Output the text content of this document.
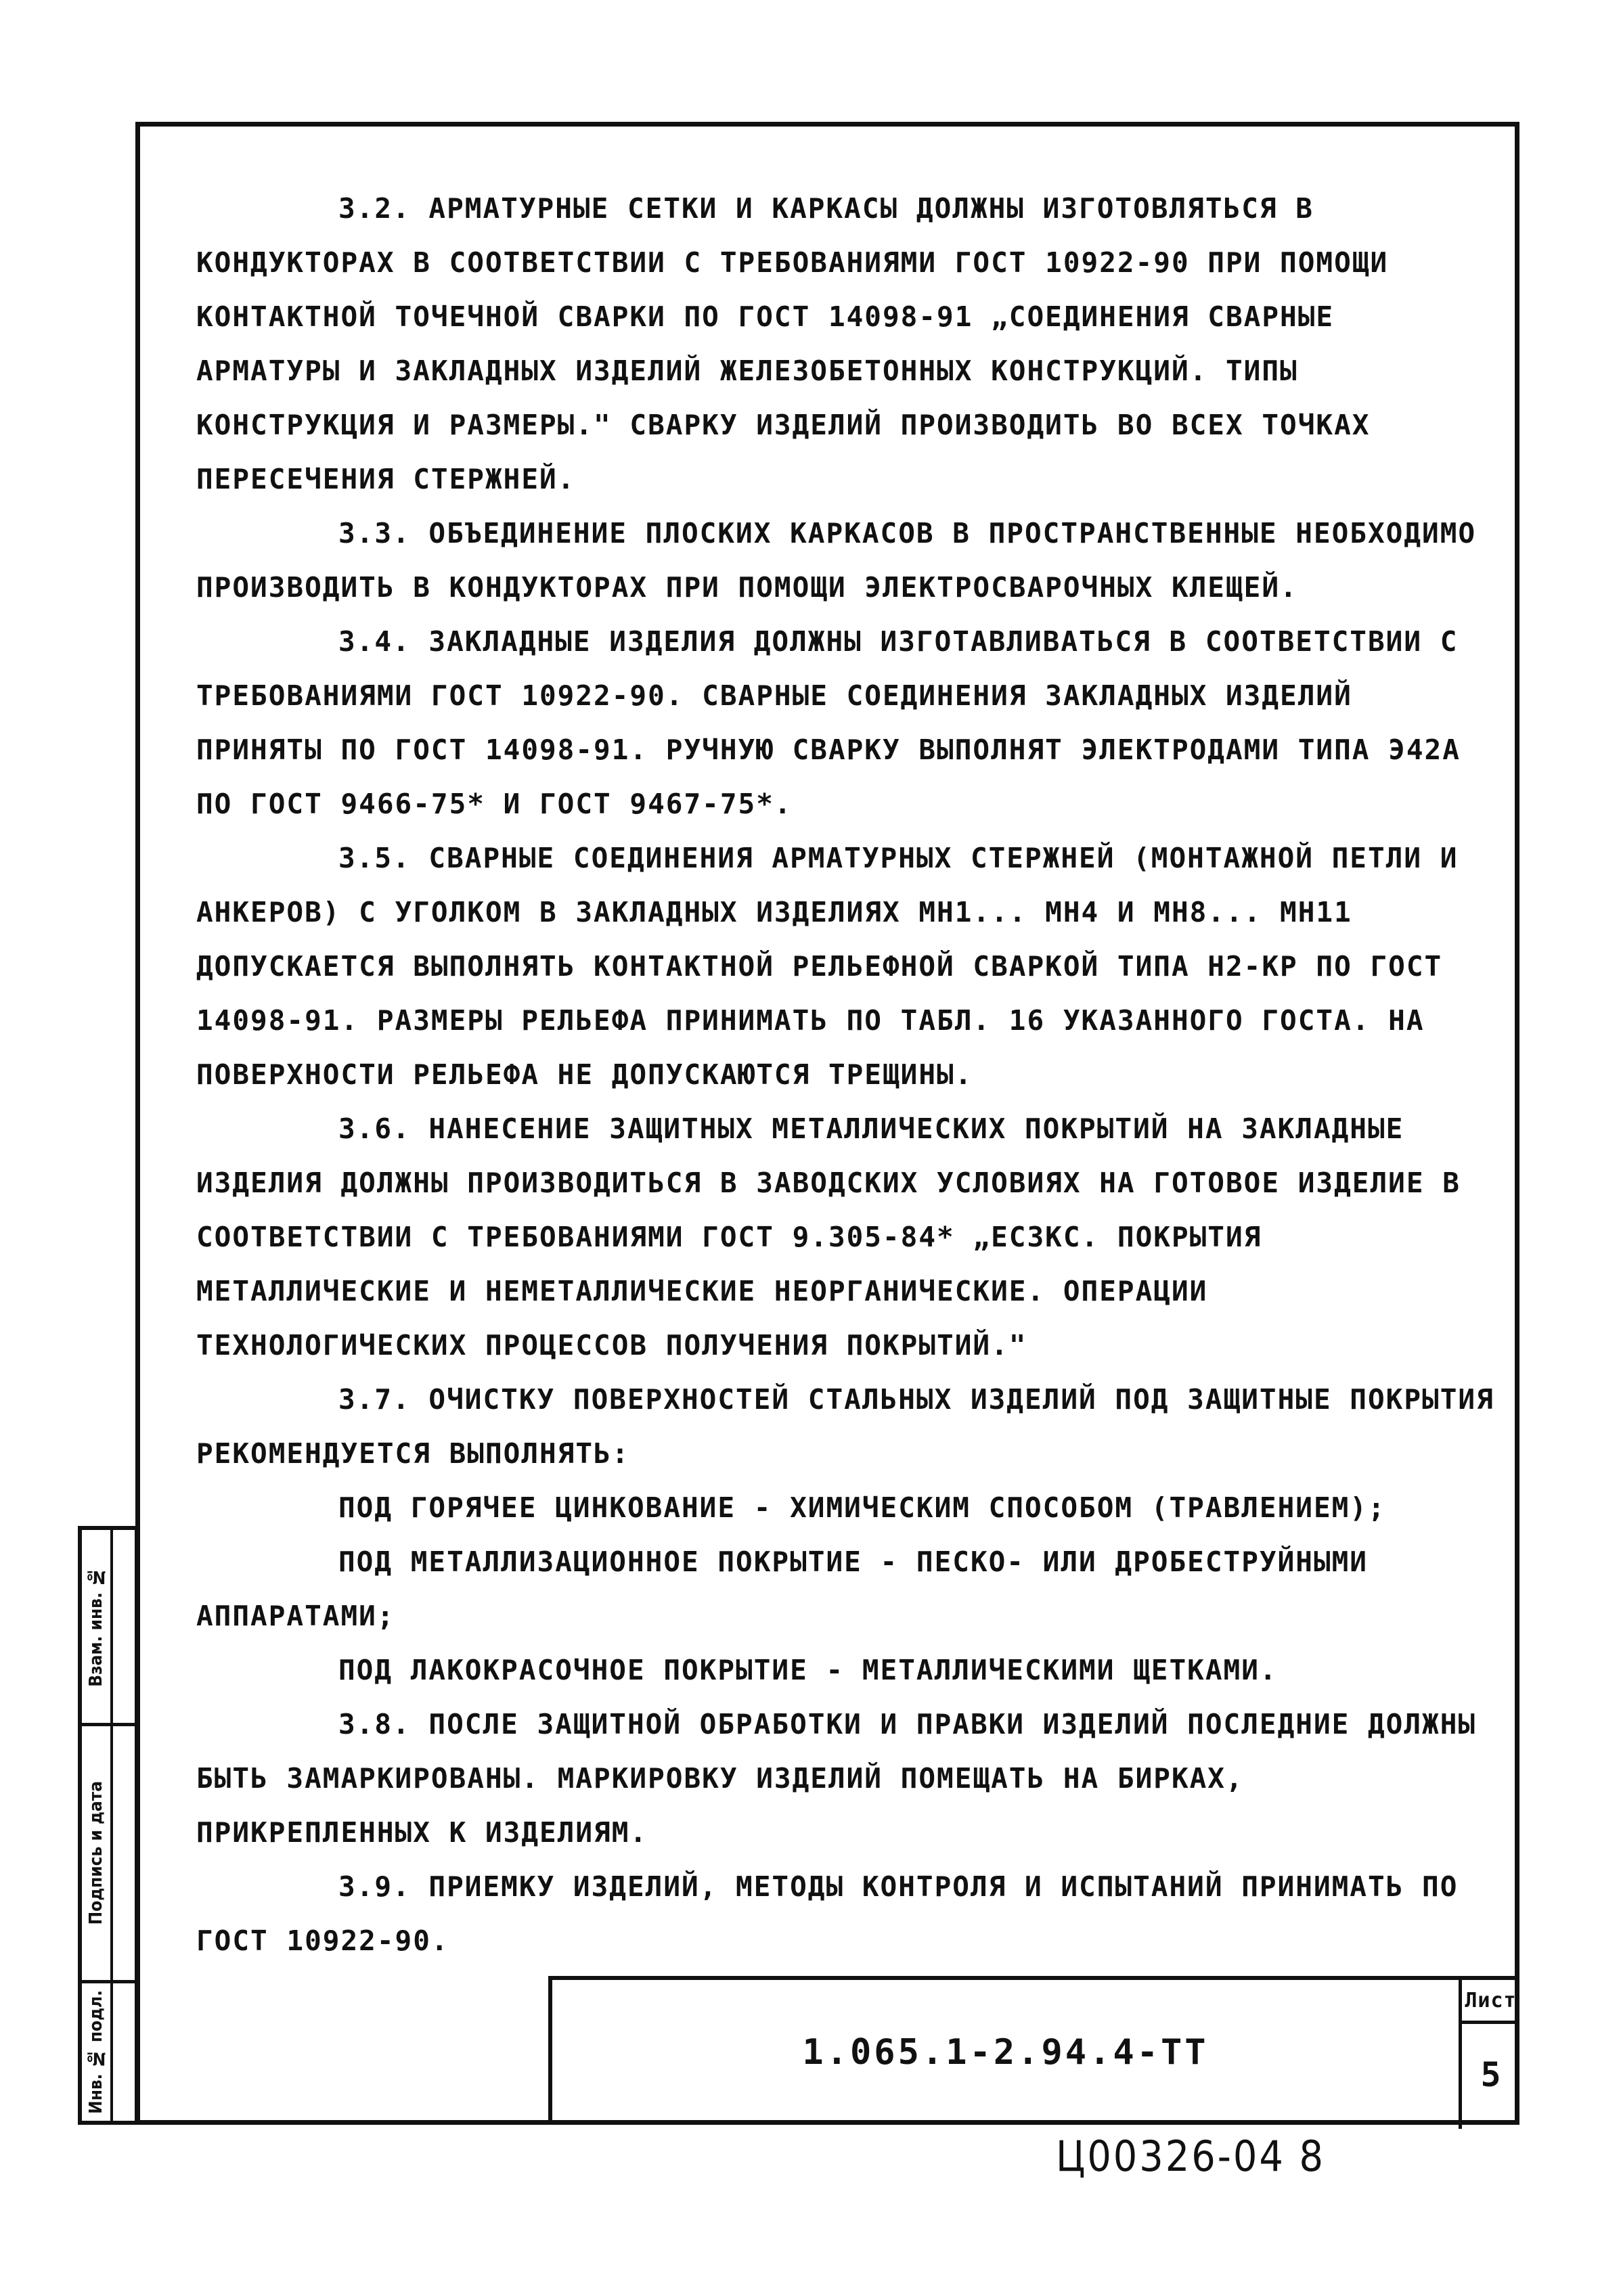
3.2. АРМАТУРНЫЕ СЕТКИ И КАРКАСЫ ДОЛЖНЫ ИЗГОТОВЛЯТЬСЯ В КОНДУКТОРАХ В СООТВЕТСТВИИ С ТРЕБОВАНИЯМИ ГОСТ 10922-90 ПРИ ПОМОЩИ КОНТАКТНОЙ ТОЧЕЧНОЙ СВАРКИ ПО ГОСТ 14098-91 „СОЕДИНЕНИЯ СВАРНЫЕ АРМАТУРЫ И ЗАКЛАДНЫХ ИЗДЕЛИЙ ЖЕЛЕЗОБЕТОННЫХ КОНСТРУКЦИЙ. ТИПЫ КОНСТРУКЦИЯ И РАЗМЕРЫ." СВАРКУ ИЗДЕЛИЙ ПРОИЗВОДИТЬ ВО ВСЕХ ТОЧКАХ ПЕРЕСЕЧЕНИЯ СТЕРЖНЕЙ.

3.3. ОБЪЕДИНЕНИЕ ПЛОСКИХ КАРКАСОВ В ПРОСТРАНСТВЕННЫЕ НЕОБХОДИМО ПРОИЗВОДИТЬ В КОНДУКТОРАХ ПРИ ПОМОЩИ ЭЛЕКТРОСВАРОЧНЫХ КЛЕЩЕЙ.

3.4. ЗАКЛАДНЫЕ ИЗДЕЛИЯ ДОЛЖНЫ ИЗГОТАВЛИВАТЬСЯ В СООТВЕТСТВИИ С ТРЕБОВАНИЯМИ ГОСТ 10922-90. СВАРНЫЕ СОЕДИНЕНИЯ ЗАКЛАДНЫХ ИЗДЕЛИЙ ПРИНЯТЫ ПО ГОСТ 14098-91. РУЧНУЮ СВАРКУ ВЫПОЛНЯТ ЭЛЕКТРОДАМИ ТИПА Э42А ПО ГОСТ 9466-75* И ГОСТ 9467-75*.

3.5. СВАРНЫЕ СОЕДИНЕНИЯ АРМАТУРНЫХ СТЕРЖНЕЙ (МОНТАЖНОЙ ПЕТЛИ И АНКЕРОВ) С УГОЛКОМ В ЗАКЛАДНЫХ ИЗДЕЛИЯХ МН1... МН4 И МН8... МН11 ДОПУСКАЕТСЯ ВЫПОЛНЯТЬ КОНТАКТНОЙ РЕЛЬЕФНОЙ СВАРКОЙ ТИПА Н2-КР ПО ГОСТ 14098-91. РАЗМЕРЫ РЕЛЬЕФА ПРИНИМАТЬ ПО ТАБЛ. 16 УКАЗАННОГО ГОСТА. НА ПОВЕРХНОСТИ РЕЛЬЕФА НЕ ДОПУСКАЮТСЯ ТРЕЩИНЫ.

3.6. НАНЕСЕНИЕ ЗАЩИТНЫХ МЕТАЛЛИЧЕСКИХ ПОКРЫТИЙ НА ЗАКЛАДНЫЕ ИЗДЕЛИЯ ДОЛЖНЫ ПРОИЗВОДИТЬСЯ В ЗАВОДСКИХ УСЛОВИЯХ НА ГОТОВОЕ ИЗДЕЛИЕ В СООТВЕТСТВИИ С ТРЕБОВАНИЯМИ ГОСТ 9.305-84* „ЕСЗКС. ПОКРЫТИЯ МЕТАЛЛИЧЕСКИЕ И НЕМЕТАЛЛИЧЕСКИЕ НЕОРГАНИЧЕСКИЕ. ОПЕРАЦИИ ТЕХНОЛОГИЧЕСКИХ ПРОЦЕССОВ ПОЛУЧЕНИЯ ПОКРЫТИЙ."

3.7. ОЧИСТКУ ПОВЕРХНОСТЕЙ СТАЛЬНЫХ ИЗДЕЛИЙ ПОД ЗАЩИТНЫЕ ПОКРЫТИЯ РЕКОМЕНДУЕТСЯ ВЫПОЛНЯТЬ:

ПОД ГОРЯЧЕЕ ЦИНКОВАНИЕ - ХИМИЧЕСКИМ СПОСОБОМ (ТРАВЛЕНИЕМ);

ПОД МЕТАЛЛИЗАЦИОННОЕ ПОКРЫТИЕ - ПЕСКО- ИЛИ ДРОБЕСТРУЙНЫМИ АППАРАТАМИ;

ПОД ЛАКОКРАСОЧНОЕ ПОКРЫТИЕ - МЕТАЛЛИЧЕСКИМИ ЩЕТКАМИ.

3.8. ПОСЛЕ ЗАЩИТНОЙ ОБРАБОТКИ И ПРАВКИ ИЗДЕЛИЙ ПОСЛЕДНИЕ ДОЛЖНЫ БЫТЬ ЗАМАРКИРОВАНЫ. МАРКИРОВКУ ИЗДЕЛИЙ ПОМЕЩАТЬ НА БИРКАХ, ПРИКРЕПЛЕННЫХ К ИЗДЕЛИЯМ.

3.9. ПРИЕМКУ ИЗДЕЛИЙ, МЕТОДЫ КОНТРОЛЯ И ИСПЫТАНИЙ ПРИНИМАТЬ ПО ГОСТ 10922-90.

Взам. инв. №
Подпись и дата
Инв. № подл.	1.065.1-2.94.4-ТТ
Лист
5
Ц00326-04 8
